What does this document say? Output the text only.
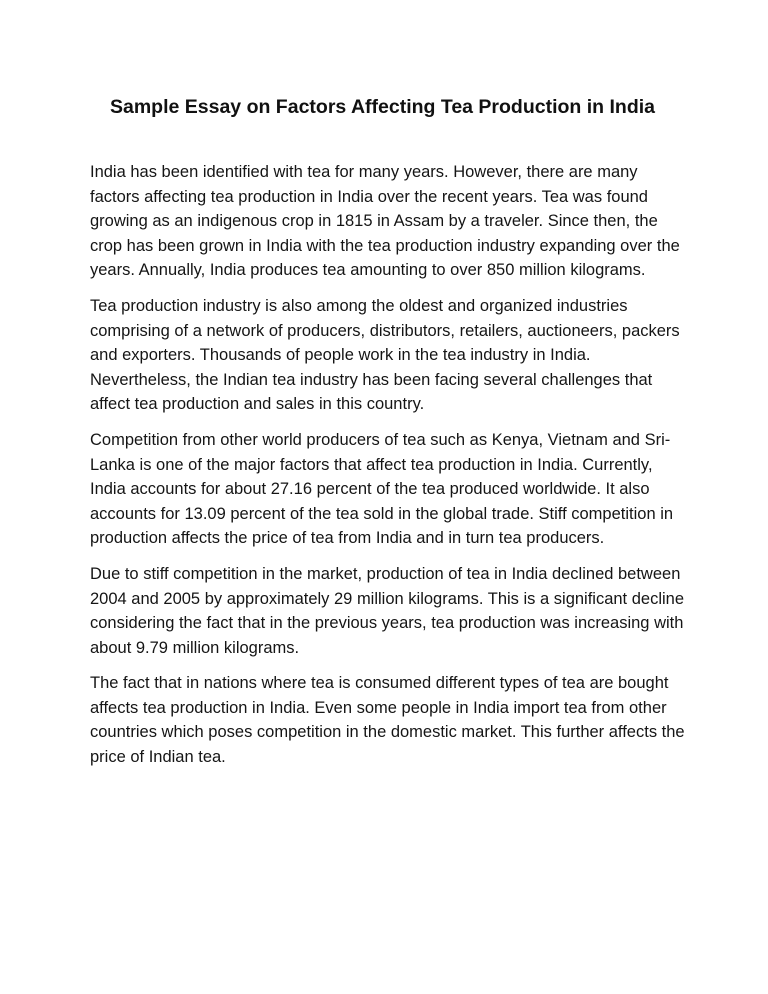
Sample Essay on Factors Affecting Tea Production in India

India has been identified with tea for many years. However, there are many factors affecting tea production in India over the recent years. Tea was found growing as an indigenous crop in 1815 in Assam by a traveler. Since then, the crop has been grown in India with the tea production industry expanding over the years. Annually, India produces tea amounting to over 850 million kilograms.

Tea production industry is also among the oldest and organized industries comprising of a network of producers, distributors, retailers, auctioneers, packers and exporters. Thousands of people work in the tea industry in India. Nevertheless, the Indian tea industry has been facing several challenges that affect tea production and sales in this country.

Competition from other world producers of tea such as Kenya, Vietnam and Sri-Lanka is one of the major factors that affect tea production in India. Currently, India accounts for about 27.16 percent of the tea produced worldwide. It also accounts for 13.09 percent of the tea sold in the global trade. Stiff competition in production affects the price of tea from India and in turn tea producers.

Due to stiff competition in the market, production of tea in India declined between 2004 and 2005 by approximately 29 million kilograms. This is a significant decline considering the fact that in the previous years, tea production was increasing with about 9.79 million kilograms.

The fact that in nations where tea is consumed different types of tea are bought affects tea production in India. Even some people in India import tea from other countries which poses competition in the domestic market. This further affects the price of Indian tea.
